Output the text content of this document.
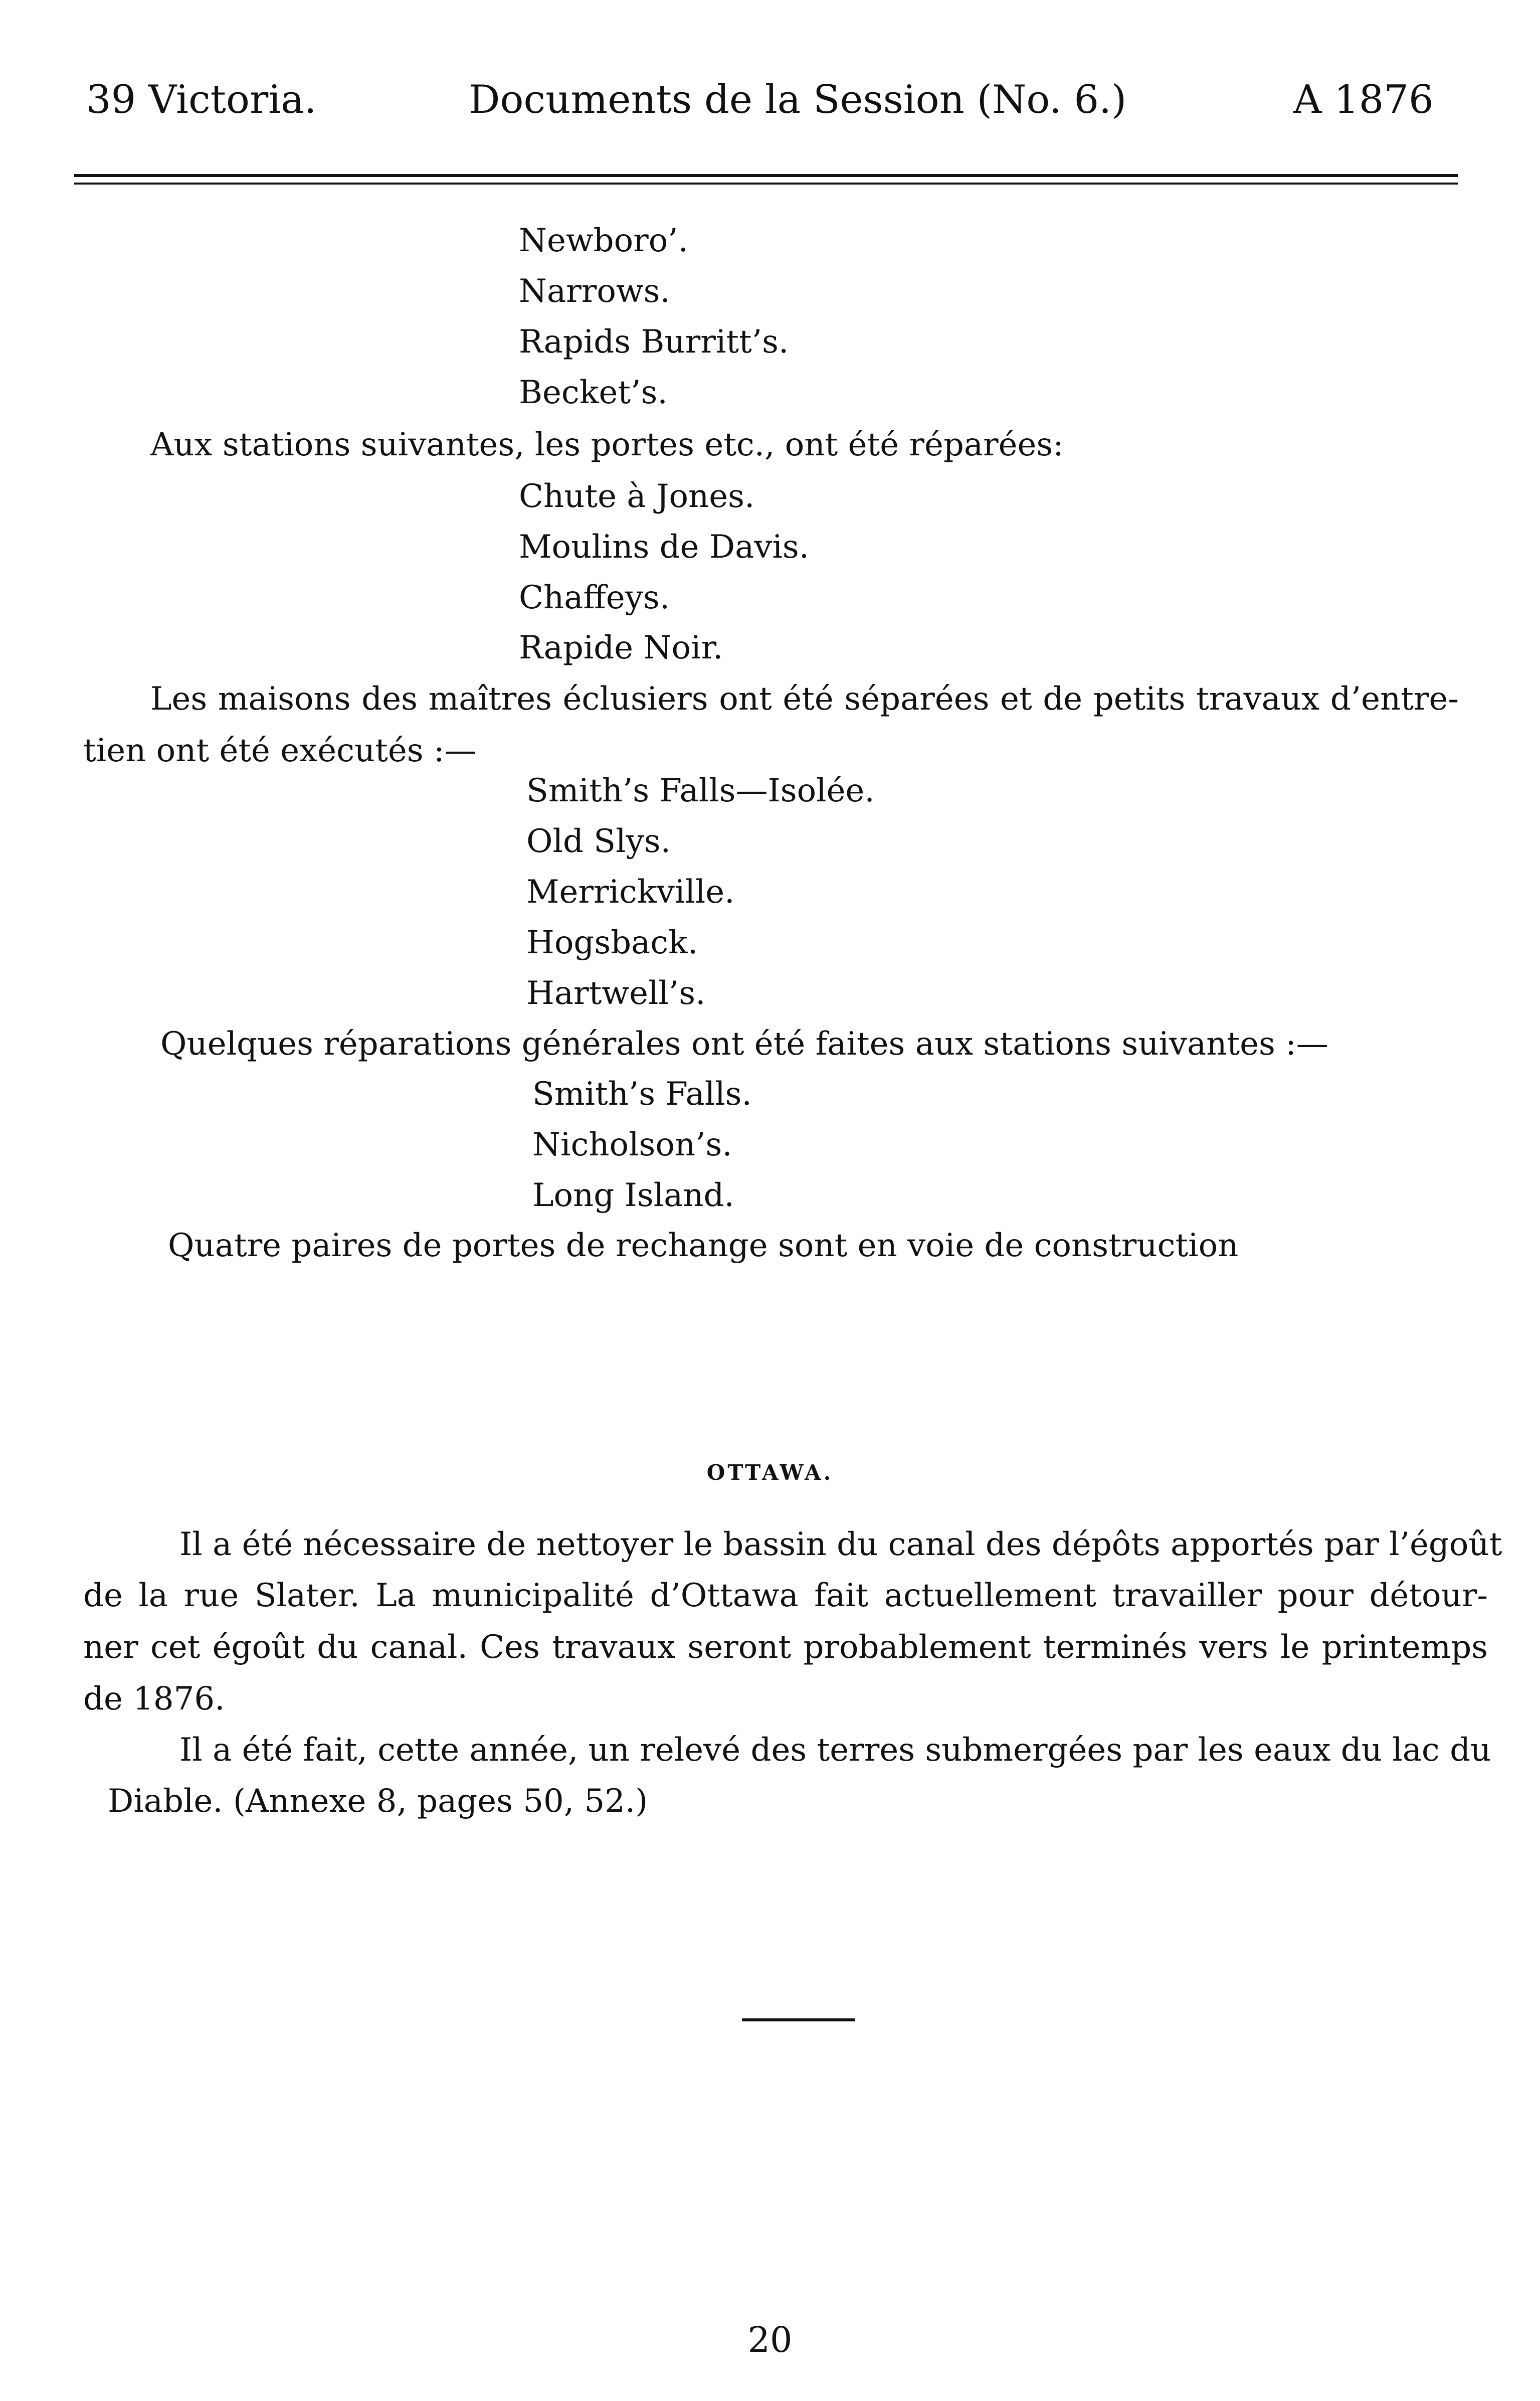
39 Victoria.	Documents de la Session (No. 6.)	A 1876
Newboro’.
Narrows.
Rapids Burritt’s.
Becket’s.
Aux stations suivantes, les portes etc., ont été réparées:
Chute à Jones.
Moulins de Davis.
Chaffeys.
Rapide Noir.
Les maisons des maîtres éclusiers ont été séparées et de petits travaux d’entre-
tien ont été exécutés :—
Smith’s Falls—Isolée.
Old Slys.
Merrickville.
Hogsback.
Hartwell’s.
Quelques réparations générales ont été faites aux stations suivantes :—
Smith’s Falls.
Nicholson’s.
Long Island.
Quatre paires de portes de rechange sont en voie de construction
OTTAWA.
Il a été nécessaire de nettoyer le bassin du canal des dépôts apportés par l’égoût
de la rue Slater. La municipalité d’Ottawa fait actuellement travailler pour détour-
ner cet égoût du canal. Ces travaux seront probablement terminés vers le printemps
de 1876.
Il a été fait, cette année, un relevé des terres submergées par les eaux du lac du
Diable. (Annexe 8, pages 50, 52.)
20
